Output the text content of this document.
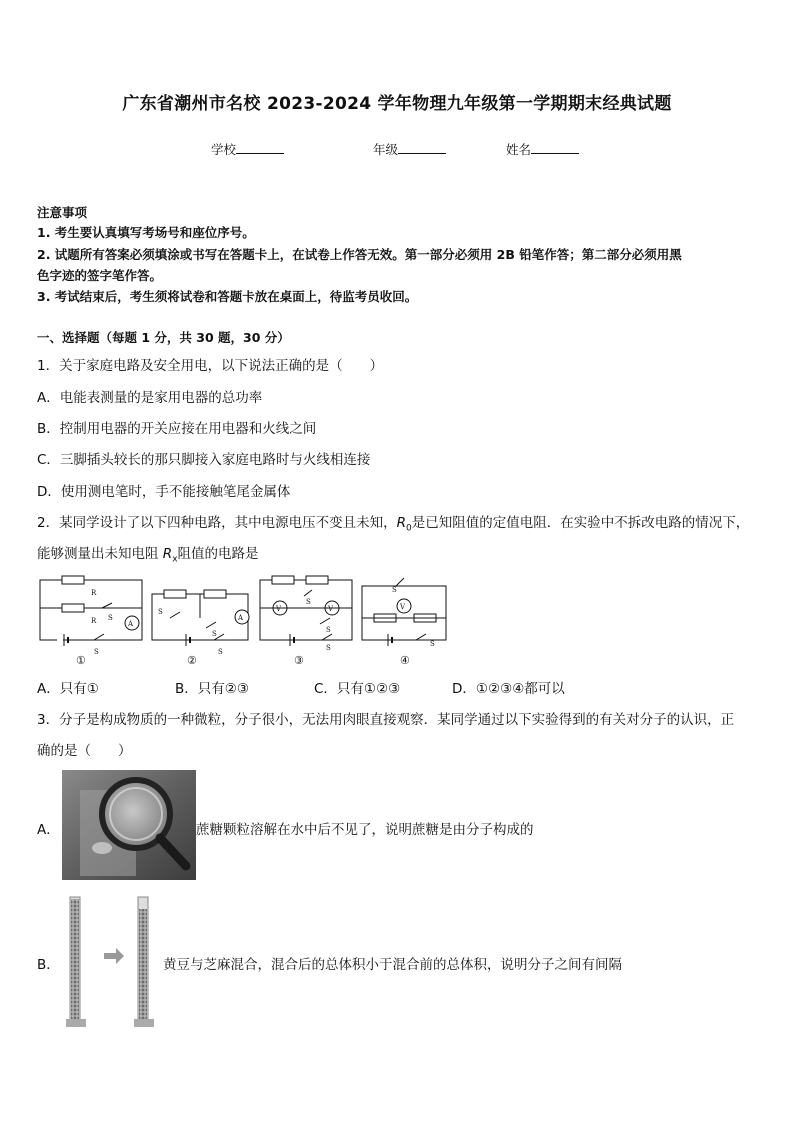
广东省潮州市名校 2023-2024 学年物理九年级第一学期期末经典试题
学校	年级	姓名
注意事项
1. 考生要认真填写考场号和座位序号。
2. 试题所有答案必须填涂或书写在答题卡上，在试卷上作答无效。第一部分必须用 2B 铅笔作答；第二部分必须用黑
色字迹的签字笔作答。
3. 考试结束后，考生须将试卷和答题卡放在桌面上，待监考员收回。
一、选择题（每题 1 分，共 30 题，30 分）
1．关于家庭电路及安全用电，以下说法正确的是（　　）
A．电能表测量的是家用电器的总功率
B．控制用电器的开关应接在用电器和火线之间
C．三脚插头较长的那只脚接入家庭电路时与火线相连接
D．使用测电笔时，手不能接触笔尾金属体
2．某同学设计了以下四种电路，其中电源电压不变且未知，$R_0$是已知阻值的定值电阻．在实验中不拆改电路的情况下，
能够测量出未知电阻 $R_x$阻值的电路是
R
R	A
A
V	V	V
S
S
S
S
S
S
S
S
S
S
①	②	③	④
A．只有①	B．只有②③	C．只有①②③	D．①②③④都可以
3．分子是构成物质的一种微粒，分子很小，无法用肉眼直接观察．某同学通过以下实验得到的有关对分子的认识，正
确的是（　　）
A．	蔗糖颗粒溶解在水中后不见了，说明蔗糖是由分子构成的
B．	黄豆与芝麻混合，混合后的总体积小于混合前的总体积，说明分子之间有间隔
